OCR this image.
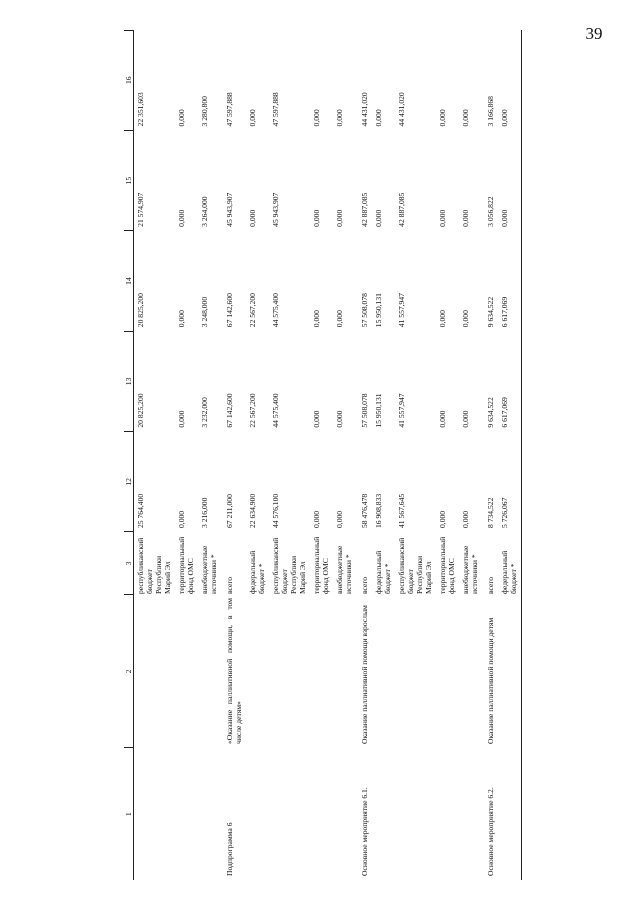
39
1	2	3	12	13	14	15	16
		республиканский бюджет Республики Марий Эл	25 764,400	20 825,200	20 825,200	21 574,907	22 351,603
		территориальный фонд ОМС	0,000	0,000	0,000	0,000	0,000
		внебюджетные источники *	3 216,000	3 232,000	3 248,000	3 264,000	3 280,800
Подпрограмма 6	«Оказание паллиативной помощи, в том числе детям»	всего	67 211,000	67 142,600	67 142,600	45 943,907	47 597,888
		федеральный бюджет *	22 634,900	22 567,200	22 567,200	0,000	0,000
		республиканский бюджет Республики Марий Эл	44 576,100	44 575,400	44 575,400	45 943,907	47 597,888
		территориальный фонд ОМС	0,000	0,000	0,000	0,000	0,000
		внебюджетные источники *	0,000	0,000	0,000	0,000	0,000
Основное мероприятие 6.1.	Оказание паллиативной помощи взрослым	всего	58 476,478	57 508,078	57 508,078	42 887,085	44 431,020
		федеральный бюджет *	16 908,833	15 950,131	15 950,131	0,000	0,000
		республиканский бюджет Республики Марий Эл	41 567,645	41 557,947	41 557,947	42 887,085	44 431,020
		территориальный фонд ОМС	0,000	0,000	0,000	0,000	0,000
		внебюджетные источники *	0,000	0,000	0,000	0,000	0,000
Основное мероприятие 6.2.	Оказание паллиативной помощи детям	всего	8 734,522	9 634,522	9 634,522	3 056,822	3 166,868
		федеральный бюджет *	5 726,067	6 617,069	6 617,069	0,000	0,000
